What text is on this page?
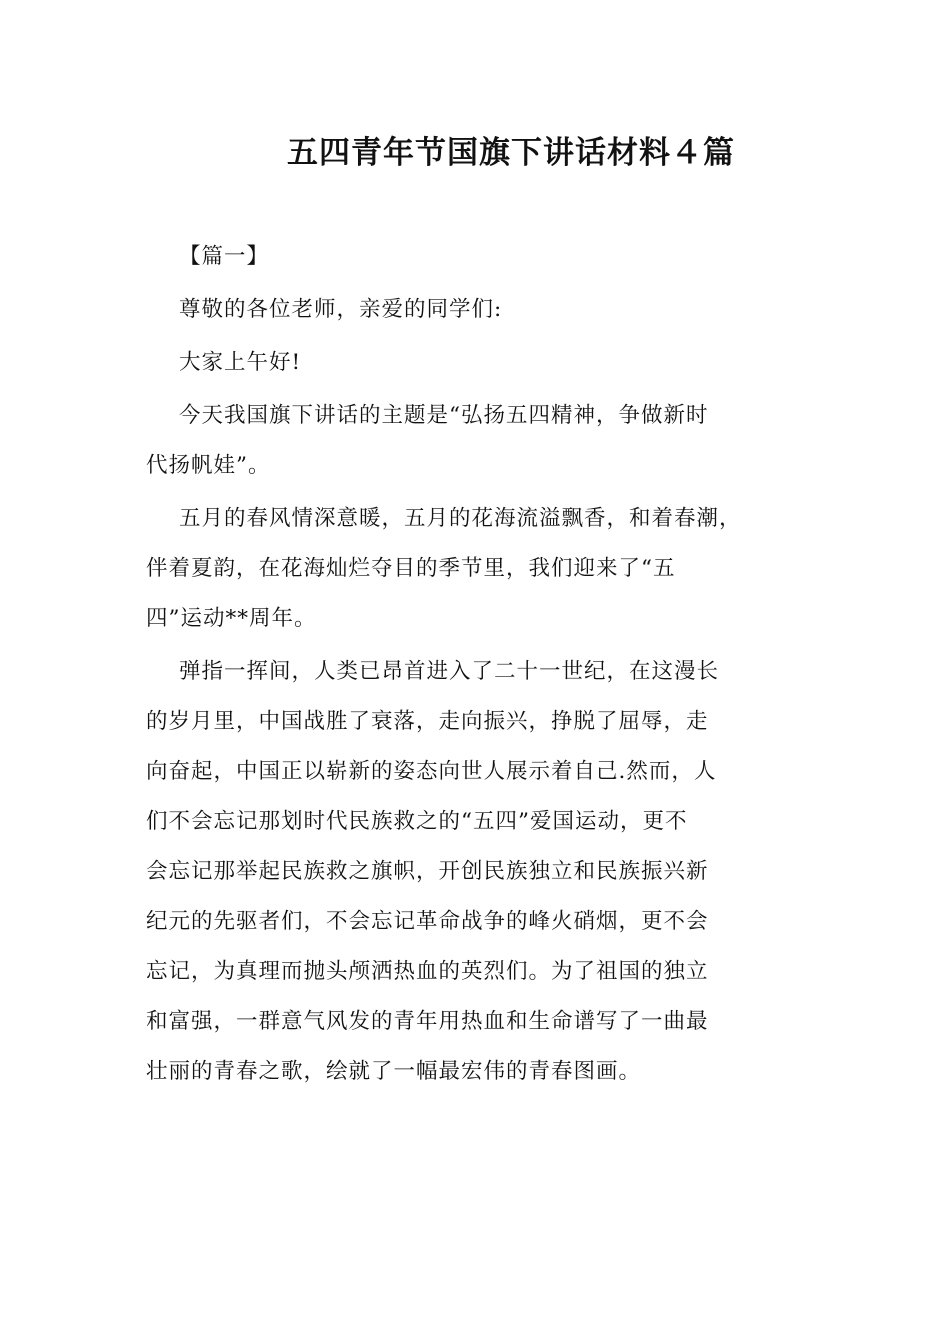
五四青年节国旗下讲话材料４篇
【篇一】
尊敬的各位老师，亲爱的同学们:
大家上午好!
今天我国旗下讲话的主题是“弘扬五四精神，争做新时
代扬帆娃”。
五月的春风情深意暖，五月的花海流溢飘香，和着春潮，
伴着夏韵，在花海灿烂夺目的季节里，我们迎来了“五
四”运动**周年。
弹指一挥间，人类已昂首进入了二十一世纪，在这漫长
的岁月里，中国战胜了衰落，走向振兴，挣脱了屈辱，走
向奋起，中国正以崭新的姿态向世人展示着自己.然而，人
们不会忘记那划时代民族救之的“五四”爱国运动，更不
会忘记那举起民族救之旗帜，开创民族独立和民族振兴新
纪元的先驱者们，不会忘记革命战争的峰火硝烟，更不会
忘记，为真理而抛头颅洒热血的英烈们。为了祖国的独立
和富强，一群意气风发的青年用热血和生命谱写了一曲最
壮丽的青春之歌，绘就了一幅最宏伟的青春图画。
